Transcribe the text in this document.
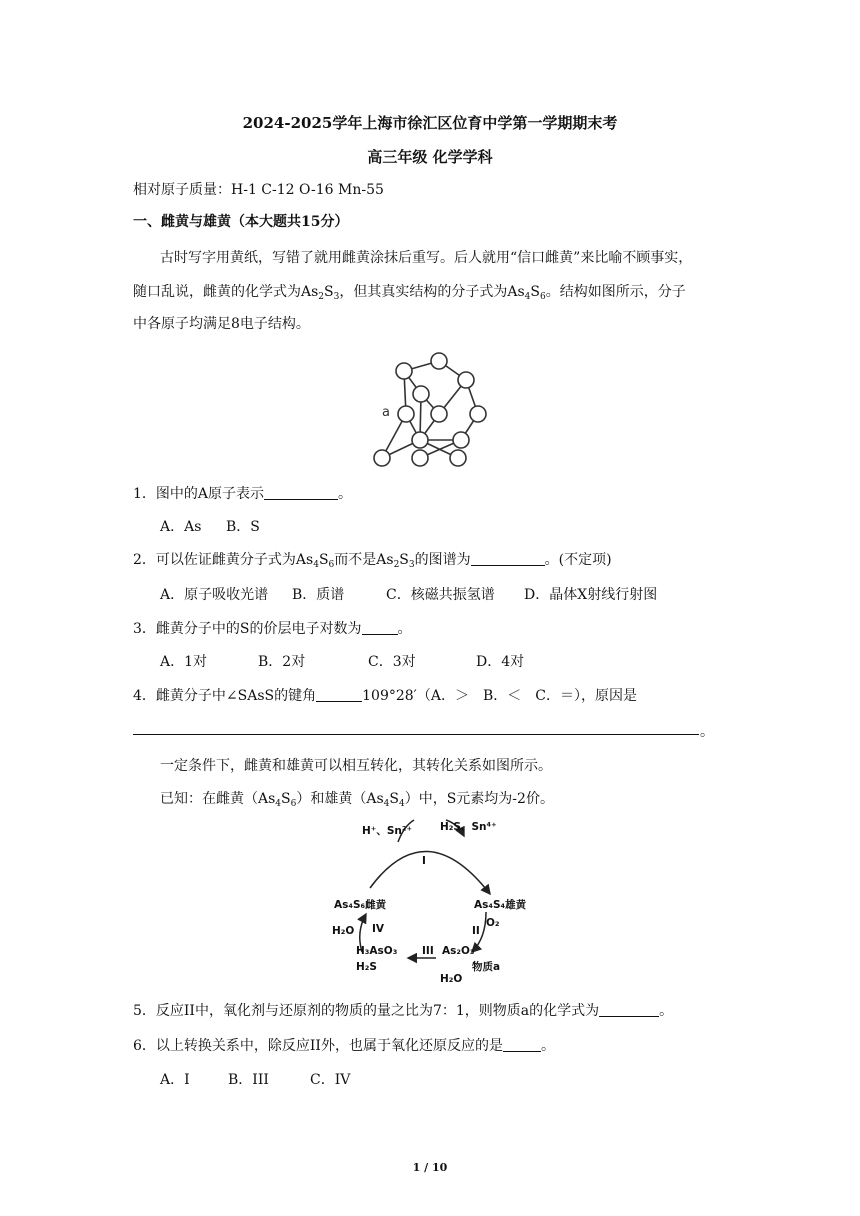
2024-2025学年上海市徐汇区位育中学第一学期期末考
高三年级 化学学科
相对原子质量：H-1 C-12 O-16 Mn-55
一、雌黄与雄黄（本大题共15分）
古时写字用黄纸，写错了就用雌黄涂抹后重写。后人就用“信口雌黄”来比喻不顾事实，
随口乱说，雌黄的化学式为$As_2S_3$，但其真实结构的分子式为$As_4S_6$。结构如图所示，分子
中各原子均满足8电子结构。
a
1．图中的A原子表示	。
A．As B．S
2．可以佐证雌黄分子式为$As_4S_6$而不是$As_2S_3$的图谱为	。(不定项)
A．原子吸收光谱 B．质谱	C．核磁共振氢谱 D．晶体X射线行射图
3．雌黄分子中的S的价层电子对数为	。
A．1对	B．2对	C．3对	D．4对
4．雌黄分子中∠SAsS的键角	109°28′（A．＞　B．＜　C．＝），原因是
。
一定条件下，雌黄和雄黄可以相互转化，其转化关系如图所示。
已知：在雌黄$(As_4S_6)$和雄黄$(As_4S_4)$中，S元素均为-2价。
H⁺、Sn²⁺	H₂S、Sn⁴⁺
I
As₄S₆雌黄	As₄S₄雄黄
O₂
II
H₂O IV
H₃AsO₃ III As₂O₃
物质a
H₂S
H₂O
5．反应II中，氧化剂与还原剂的物质的量之比为7：1，则物质a的化学式为	。
6．以上转换关系中，除反应II外，也属于氧化还原反应的是	。
A．I	B．III	C．IV
1 / 10
